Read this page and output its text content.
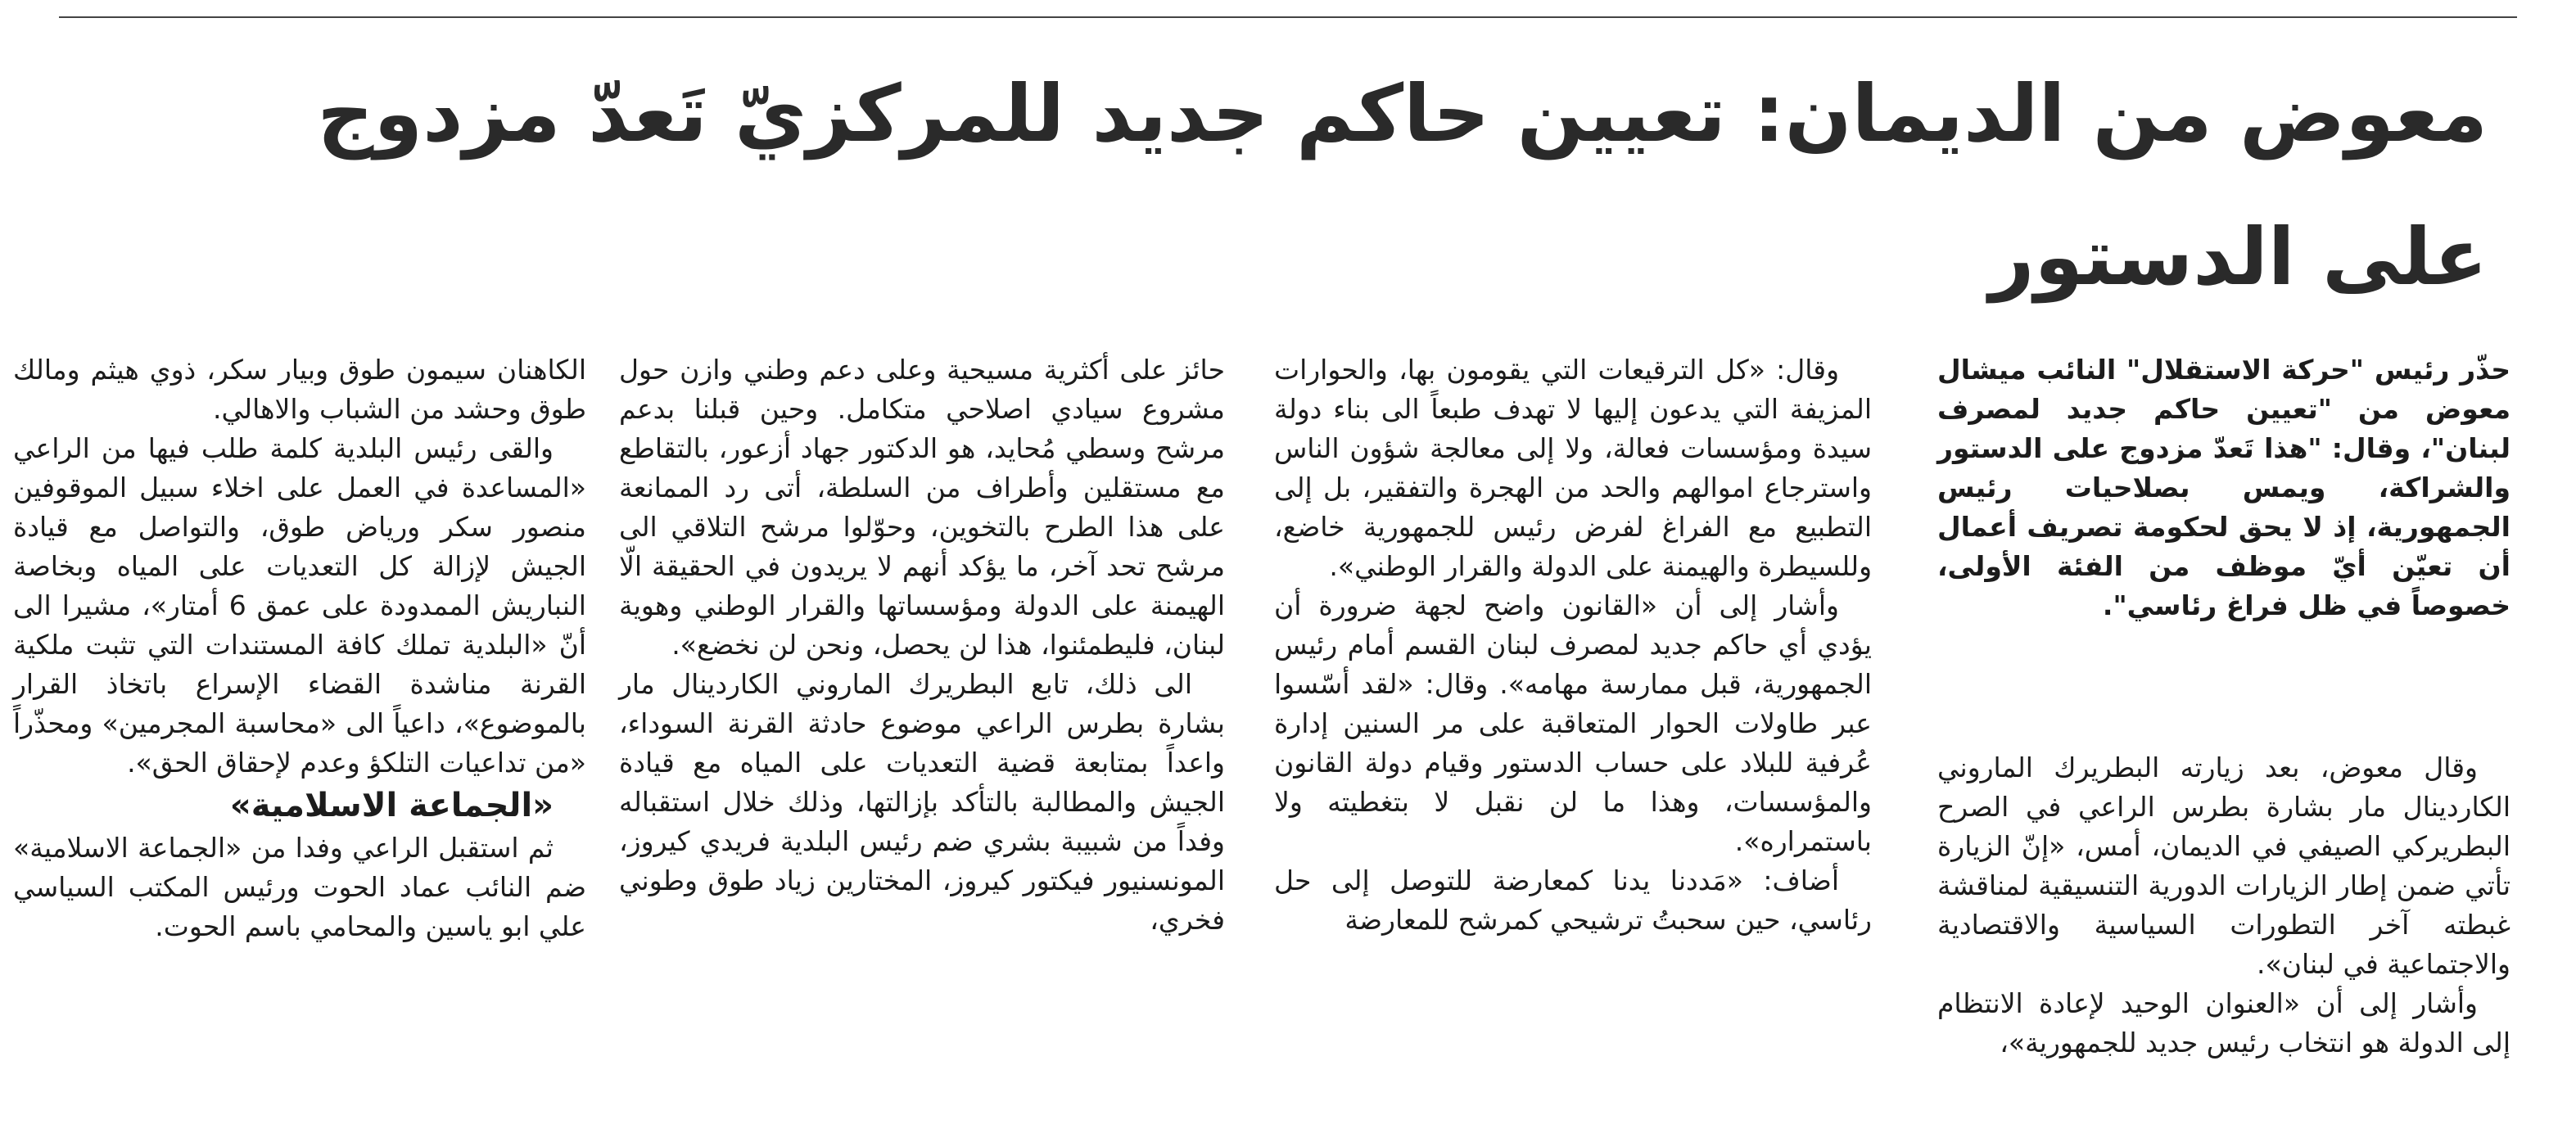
معوض من الديمان: تعيين حاكم جديد للمركزيّ تَعدّ مزدوج على الدستور

حذّر رئيس "حركة الاستقلال" النائب ميشال معوض من "تعيين حاكم جديد لمصرف لبنان"، وقال: "هذا تَعدّ مزدوج على الدستور والشراكة، ويمس بصلاحيات رئيس الجمهورية، إذ لا يحق لحكومة تصريف أعمال أن تعيّن أيّ موظف من الفئة الأولى، خصوصاً في ظل فراغ رئاسي".

وقال معوض، بعد زيارته البطريرك الماروني الكاردينال مار بشارة بطرس الراعي في الصرح البطريركي الصيفي في الديمان، أمس، «إنّ الزيارة تأتي ضمن إطار الزيارات الدورية التنسيقية لمناقشة غبطته آخر التطورات السياسية والاقتصادية والاجتماعية في لبنان».

وأشار إلى أن «العنوان الوحيد لإعادة الانتظام إلى الدولة هو انتخاب رئيس جديد للجمهورية»،

وقال: «كل الترقيعات التي يقومون بها، والحوارات المزيفة التي يدعون إليها لا تهدف طبعاً الى بناء دولة سيدة ومؤسسات فعالة، ولا إلى معالجة شؤون الناس واسترجاع اموالهم والحد من الهجرة والتفقير، بل إلى التطبيع مع الفراغ لفرض رئيس للجمهورية خاضع، وللسيطرة والهيمنة على الدولة والقرار الوطني».

وأشار إلى أن «القانون واضح لجهة ضرورة أن يؤدي أي حاكم جديد لمصرف لبنان القسم أمام رئيس الجمهورية، قبل ممارسة مهامه». وقال: «لقد أسّسوا عبر طاولات الحوار المتعاقبة على مر السنين إدارة عُرفية للبلاد على حساب الدستور وقيام دولة القانون والمؤسسات، وهذا ما لن نقبل لا بتغطيته ولا باستمراره».

أضاف: «مَددنا يدنا كمعارضة للتوصل إلى حل رئاسي، حين سحبتُ ترشيحي كمرشح للمعارضة

حائز على أكثرية مسيحية وعلى دعم وطني وازن حول مشروع سيادي اصلاحي متكامل. وحين قبلنا بدعم مرشح وسطي مُحايد، هو الدكتور جهاد أزعور، بالتقاطع مع مستقلين وأطراف من السلطة، أتى رد الممانعة على هذا الطرح بالتخوين، وحوّلوا مرشح التلاقي الى مرشح تحد آخر، ما يؤكد أنهم لا يريدون في الحقيقة الّا الهيمنة على الدولة ومؤسساتها والقرار الوطني وهوية لبنان، فليطمئنوا، هذا لن يحصل، ونحن لن نخضع».

الى ذلك، تابع البطريرك الماروني الكاردينال مار بشارة بطرس الراعي موضوع حادثة القرنة السوداء، واعداً بمتابعة قضية التعديات على المياه مع قيادة الجيش والمطالبة بالتأكد بإزالتها، وذلك خلال استقباله وفداً من شبيبة بشري ضم رئيس البلدية فريدي كيروز، المونسنيور فيكتور كيروز، المختارين زياد طوق وطوني فخري،

الكاهنان سيمون طوق وبيار سكر، ذوي هيثم ومالك طوق وحشد من الشباب والاهالي.

والقى رئيس البلدية كلمة طلب فيها من الراعي «المساعدة في العمل على اخلاء سبيل الموقوفين منصور سكر ورياض طوق، والتواصل مع قيادة الجيش لإزالة كل التعديات على المياه وبخاصة النباريش الممدودة على عمق 6 أمتار»، مشيرا الى أنّ «البلدية تملك كافة المستندات التي تثبت ملكية القرنة مناشدة القضاء الإسراع باتخاذ القرار بالموضوع»، داعياً الى «محاسبة المجرمين» ومحذّراً «من تداعيات التلكؤ وعدم لإحقاق الحق».

«الجماعة الاسلامية»

ثم استقبل الراعي وفدا من «الجماعة الاسلامية» ضم النائب عماد الحوت ورئيس المكتب السياسي علي ابو ياسين والمحامي باسم الحوت.
